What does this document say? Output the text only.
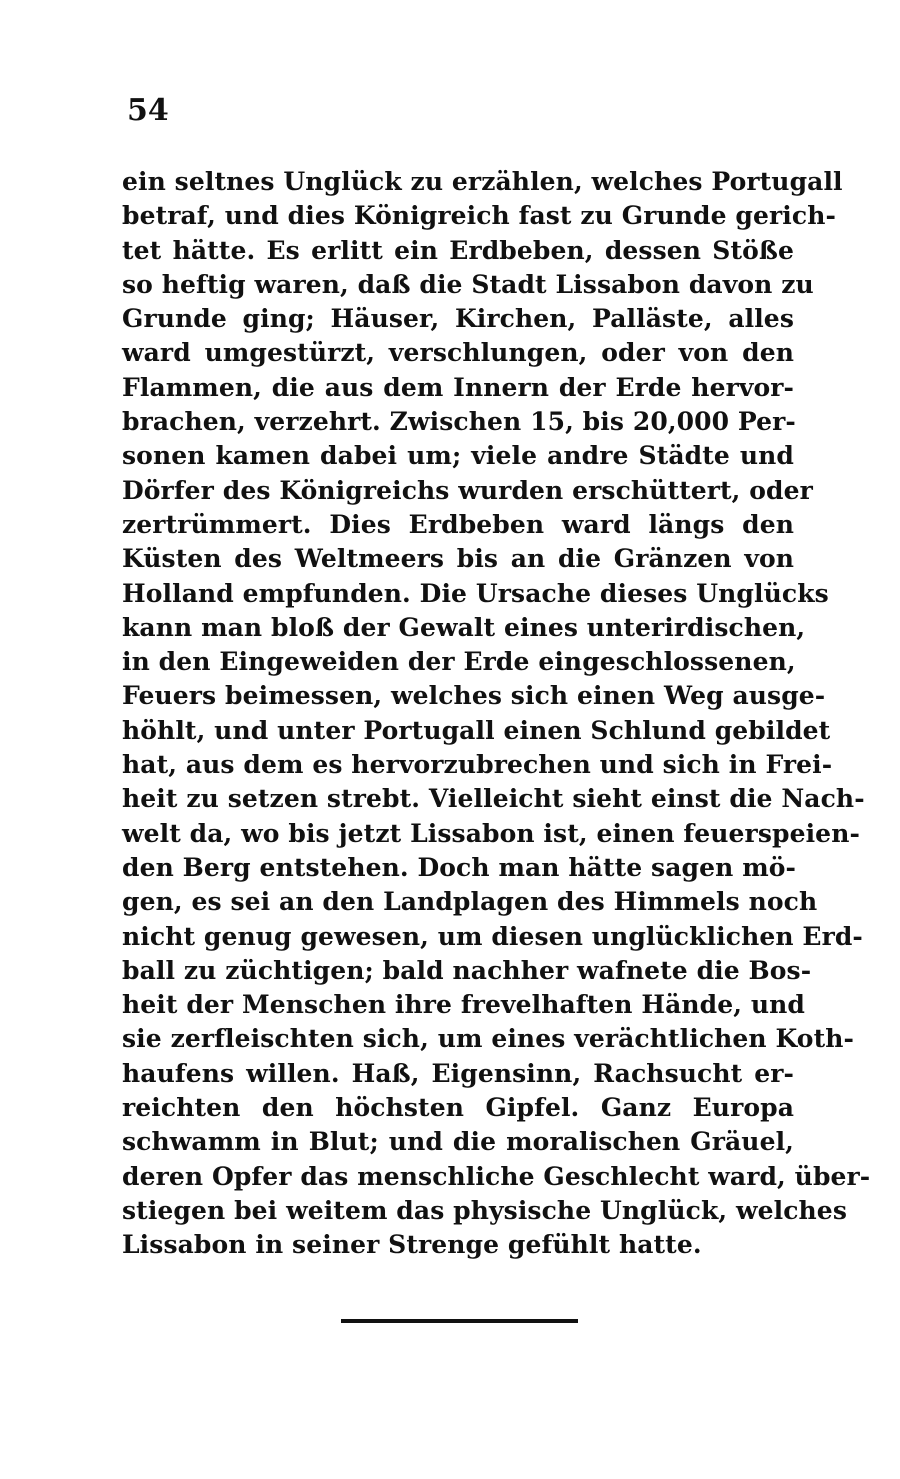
54
ein seltnes Unglück zu erzählen, welches Portugall
betraf, und dies Königreich fast zu Grunde gerich-
tet hätte. Es erlitt ein Erdbeben, dessen Stöße
so heftig waren, daß die Stadt Lissabon davon zu
Grunde ging; Häuser, Kirchen, Palläste, alles
ward umgestürzt, verschlungen, oder von den
Flammen, die aus dem Innern der Erde hervor-
brachen, verzehrt. Zwischen 15, bis 20,000 Per-
sonen kamen dabei um; viele andre Städte und
Dörfer des Königreichs wurden erschüttert, oder
zertrümmert. Dies Erdbeben ward längs den
Küsten des Weltmeers bis an die Gränzen von
Holland empfunden. Die Ursache dieses Unglücks
kann man bloß der Gewalt eines unterirdischen,
in den Eingeweiden der Erde eingeschlossenen,
Feuers beimessen, welches sich einen Weg ausge-
höhlt, und unter Portugall einen Schlund gebildet
hat, aus dem es hervorzubrechen und sich in Frei-
heit zu setzen strebt. Vielleicht sieht einst die Nach-
welt da, wo bis jetzt Lissabon ist, einen feuerspeien-
den Berg entstehen. Doch man hätte sagen mö-
gen, es sei an den Landplagen des Himmels noch
nicht genug gewesen, um diesen unglücklichen Erd-
ball zu züchtigen; bald nachher wafnete die Bos-
heit der Menschen ihre frevelhaften Hände, und
sie zerfleischten sich, um eines verächtlichen Koth-
haufens willen. Haß, Eigensinn, Rachsucht er-
reichten den höchsten Gipfel. Ganz Europa
schwamm in Blut; und die moralischen Gräuel,
deren Opfer das menschliche Geschlecht ward, über-
stiegen bei weitem das physische Unglück, welches
Lissabon in seiner Strenge gefühlt hatte.
